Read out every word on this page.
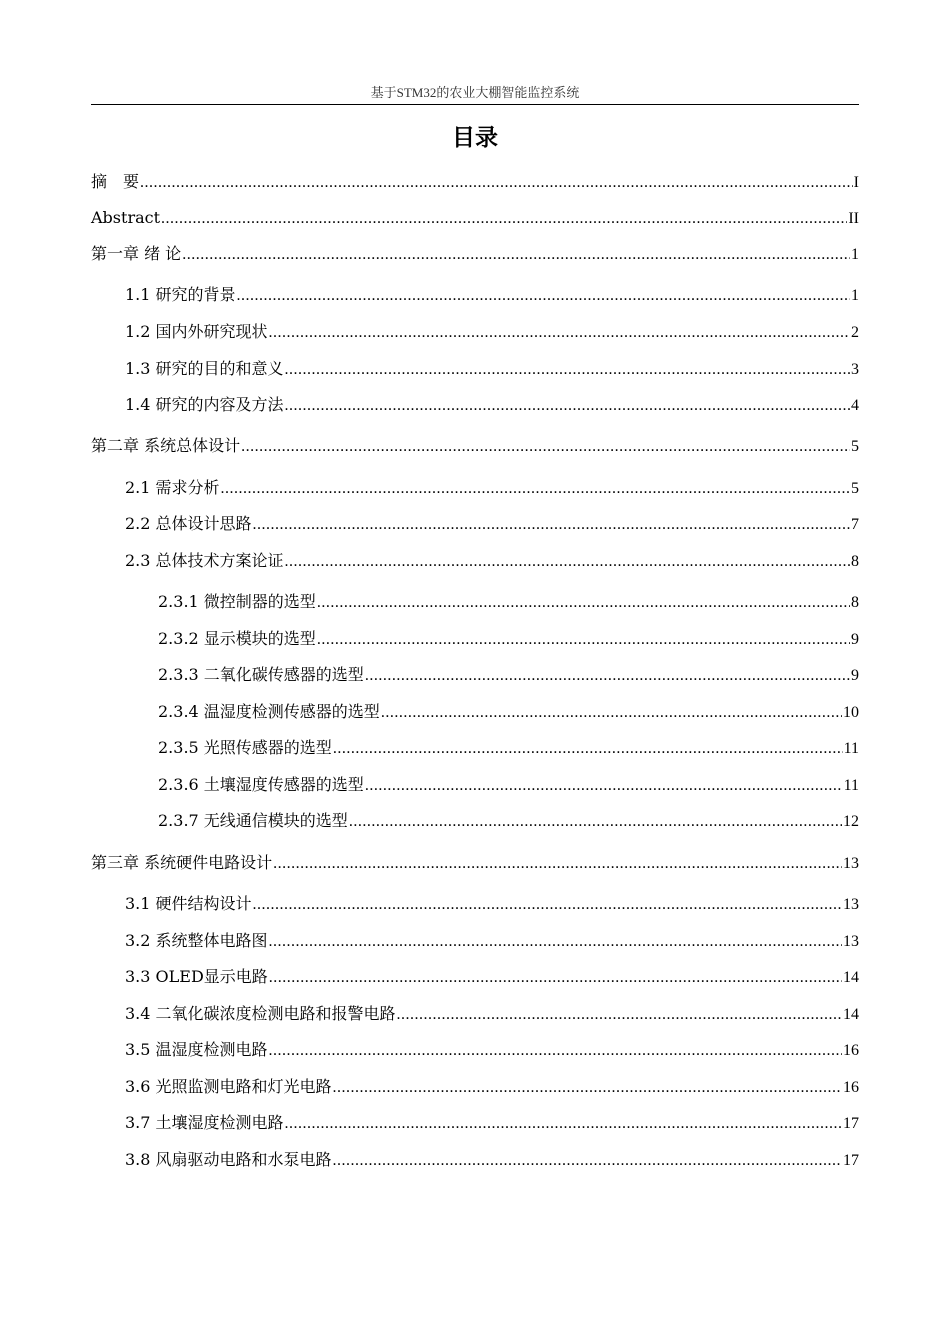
基于STM32的农业大棚智能监控系统
目录
摘　要 .....	I
Abstract .....	II
第一章 绪 论 .....	1
1.1 研究的背景 .....	1
1.2 国内外研究现状 .....	2
1.3 研究的目的和意义 .....	3
1.4 研究的内容及方法 .....	4
第二章 系统总体设计 .....	5
2.1 需求分析 .....	5
2.2 总体设计思路 .....	7
2.3 总体技术方案论证 .....	8
2.3.1 微控制器的选型 .....	8
2.3.2 显示模块的选型 .....	9
2.3.3 二氧化碳传感器的选型 .....	9
2.3.4 温湿度检测传感器的选型 .....	10
2.3.5 光照传感器的选型 .....	11
2.3.6 土壤湿度传感器的选型 .....	11
2.3.7 无线通信模块的选型 .....	12
第三章 系统硬件电路设计 .....	13
3.1 硬件结构设计 .....	13
3.2 系统整体电路图 .....	13
3.3 OLED显示电路 .....	14
3.4 二氧化碳浓度检测电路和报警电路 .....	14
3.5 温湿度检测电路 .....	16
3.6 光照监测电路和灯光电路 .....	16
3.7 土壤湿度检测电路 .....	17
3.8 风扇驱动电路和水泵电路 .....	17
